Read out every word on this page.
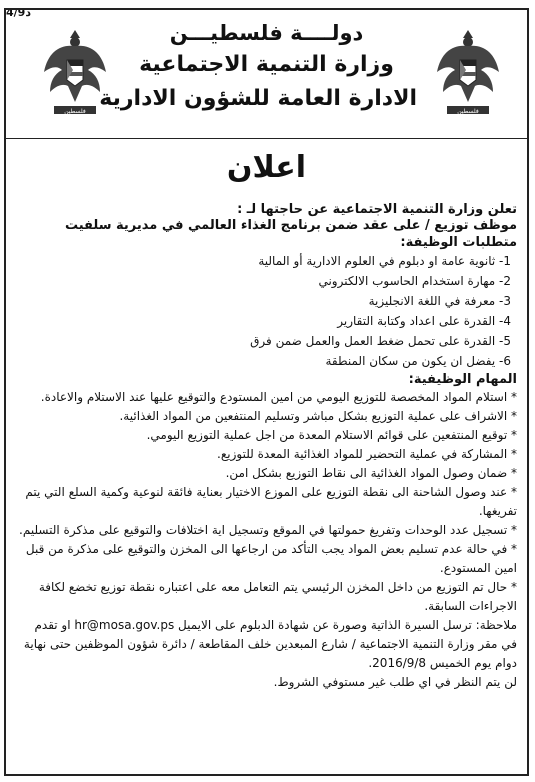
4/9د
فلسطين
فلسطين
دولــــة فلسطيـــن
وزارة التنمية الاجتماعية
الادارة العامة للشؤون الادارية
اعلان
تعلن وزارة التنمية الاجتماعية عن حاجتها لـ :
موظف توزيع / على عقد ضمن برنامج الغذاء العالمي في مديرية سلفيت
متطلبات الوظيفة:
1- ثانوية عامة او دبلوم في العلوم الادارية أو المالية
2- مهارة استخدام الحاسوب الالكتروني
3- معرفة في اللغة الانجليزية
4- القدرة على اعداد وكتابة التقارير
5- القدرة على تحمل ضغط العمل والعمل ضمن فرق
6- يفضل ان يكون من سكان المنطقة
المهام الوظيفية:
* استلام المواد المخصصة للتوزيع اليومي من امين المستودع والتوقيع عليها عند الاستلام والاعادة.
* الاشراف على عملية التوزيع بشكل مباشر وتسليم المنتفعين من المواد الغذائية.
* توقيع المنتفعين على قوائم الاستلام المعدة من اجل عملية التوزيع اليومي.
* المشاركة في عملية التحضير للمواد الغذائية المعدة للتوزيع.
* ضمان وصول المواد الغذائية الى نقاط التوزيع بشكل امن.
* عند وصول الشاحنة الى نقطة التوزيع على الموزع الاختيار بعناية فائقة لنوعية وكمية السلع التي يتم تفريغها.
* تسجيل عدد الوحدات وتفريغ حمولتها في الموقع وتسجيل اية اختلافات والتوقيع على مذكرة التسليم.
* في حالة عدم تسليم بعض المواد يجب التأكد من ارجاعها الى المخزن والتوقيع على مذكرة من قبل امين المستودع.
* حال تم التوزيع من داخل المخزن الرئيسي يتم التعامل معه على اعتباره نقطة توزيع تخضع لكافة الاجراءات السابقة.
ملاحظة: ترسل السيرة الذاتية وصورة عن شهادة الدبلوم على الايميل hr@mosa.gov.ps او تقدم في مقر وزارة التنمية الاجتماعية / شارع المبعدين خلف المقاطعة / دائرة شؤون الموظفين حتى نهاية دوام يوم الخميس 2016/9/8.
لن يتم النظر في اي طلب غير مستوفي الشروط.
